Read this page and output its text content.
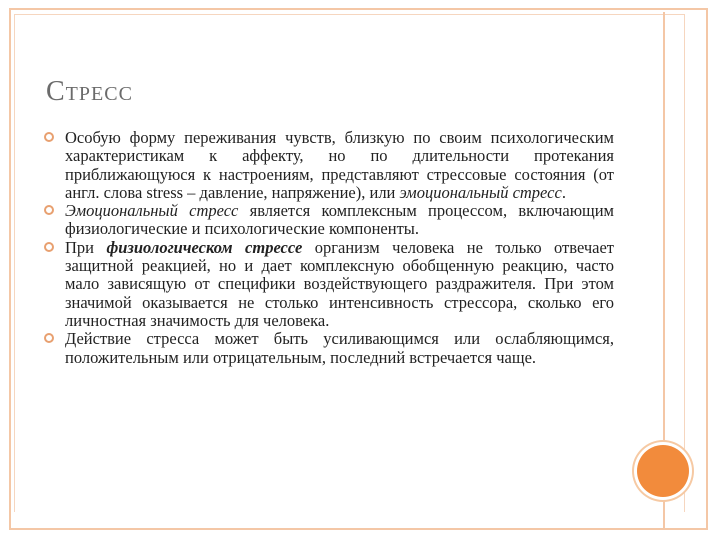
Стресс
Особую форму переживания чувств, близкую по своим психологическим характеристикам к аффекту, но по длительности протекания приближающуюся к настроениям, представляют стрессовые состояния (от англ. слова stress – давление, напряжение), или эмоциональный стресс.
Эмоциональный стресс является комплексным процессом, включающим физиологические и психологические компоненты.
При физиологическом стрессе организм человека не только отвечает защитной реакцией, но и дает комплексную обобщенную реакцию, часто мало зависящую от специфики воздействующего раздражителя. При этом значимой оказывается не столько интенсивность стрессора, сколько его личностная значимость для человека.
Действие стресса может быть усиливающимся или ослабляющимся, положительным или отрицательным, последний встречается чаще.
